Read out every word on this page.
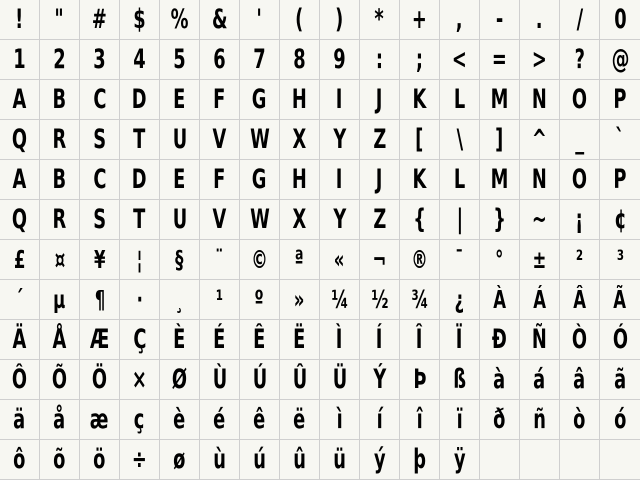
! " # $ % & ' ( ) * + , - . / 0
1 2 3 4 5 6 7 8 9 : ; < = > ? @
A B C D E F G H I J K L M N O P
Q R S T U V W X Y Z [ \ ] ^ _ `
A B C D E F G H I J K L M N O P
Q R S T U V W X Y Z { | } ~ ¡ ¢
£ ¤ ¥ ¦ § ¨ © ª « ¬ ® ¯ ° ± ² ³
´ µ ¶ · ¸ ¹ º » ¼ ½ ¾ ¿ À Á Â Ã
Ä Å Æ Ç È É Ê Ë Ì Í Î Ï Ð Ñ Ò Ó
Ô Õ Ö × Ø Ù Ú Û Ü Ý Þ ß à á â ã
ä å æ ç è é ê ë ì í î ï ð ñ ò ó
ô õ ö ÷ ø ù ú û ü ý þ ÿ
